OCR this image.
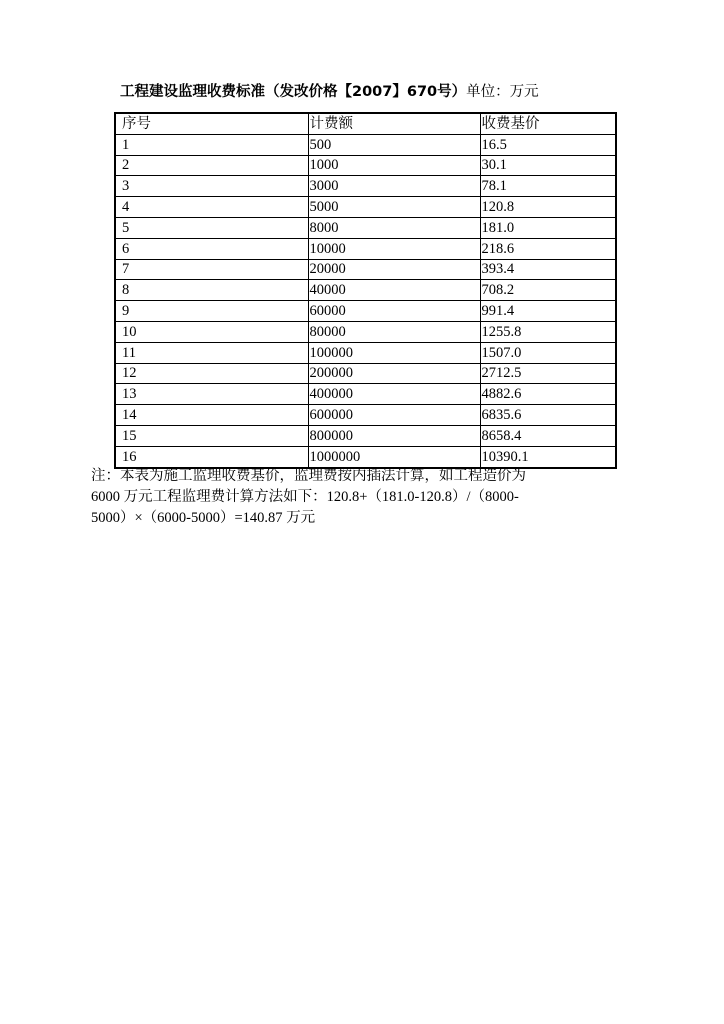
工程建设监理收费标准（发改价格【2007】670号）单位：万元
序号	计费额	收费基价
1	500	16.5
2	1000	30.1
3	3000	78.1
4	5000	120.8
5	8000	181.0
6	10000	218.6
7	20000	393.4
8	40000	708.2
9	60000	991.4
10	80000	1255.8
11	100000	1507.0
12	200000	2712.5
13	400000	4882.6
14	600000	6835.6
15	800000	8658.4
16	1000000	10390.1
注：本表为施工监理收费基价，监理费按内插法计算，如工程造价为
6000 万元工程监理费计算方法如下：120.8+（181.0-120.8）/（8000-
5000）×（6000-5000）=140.87 万元
